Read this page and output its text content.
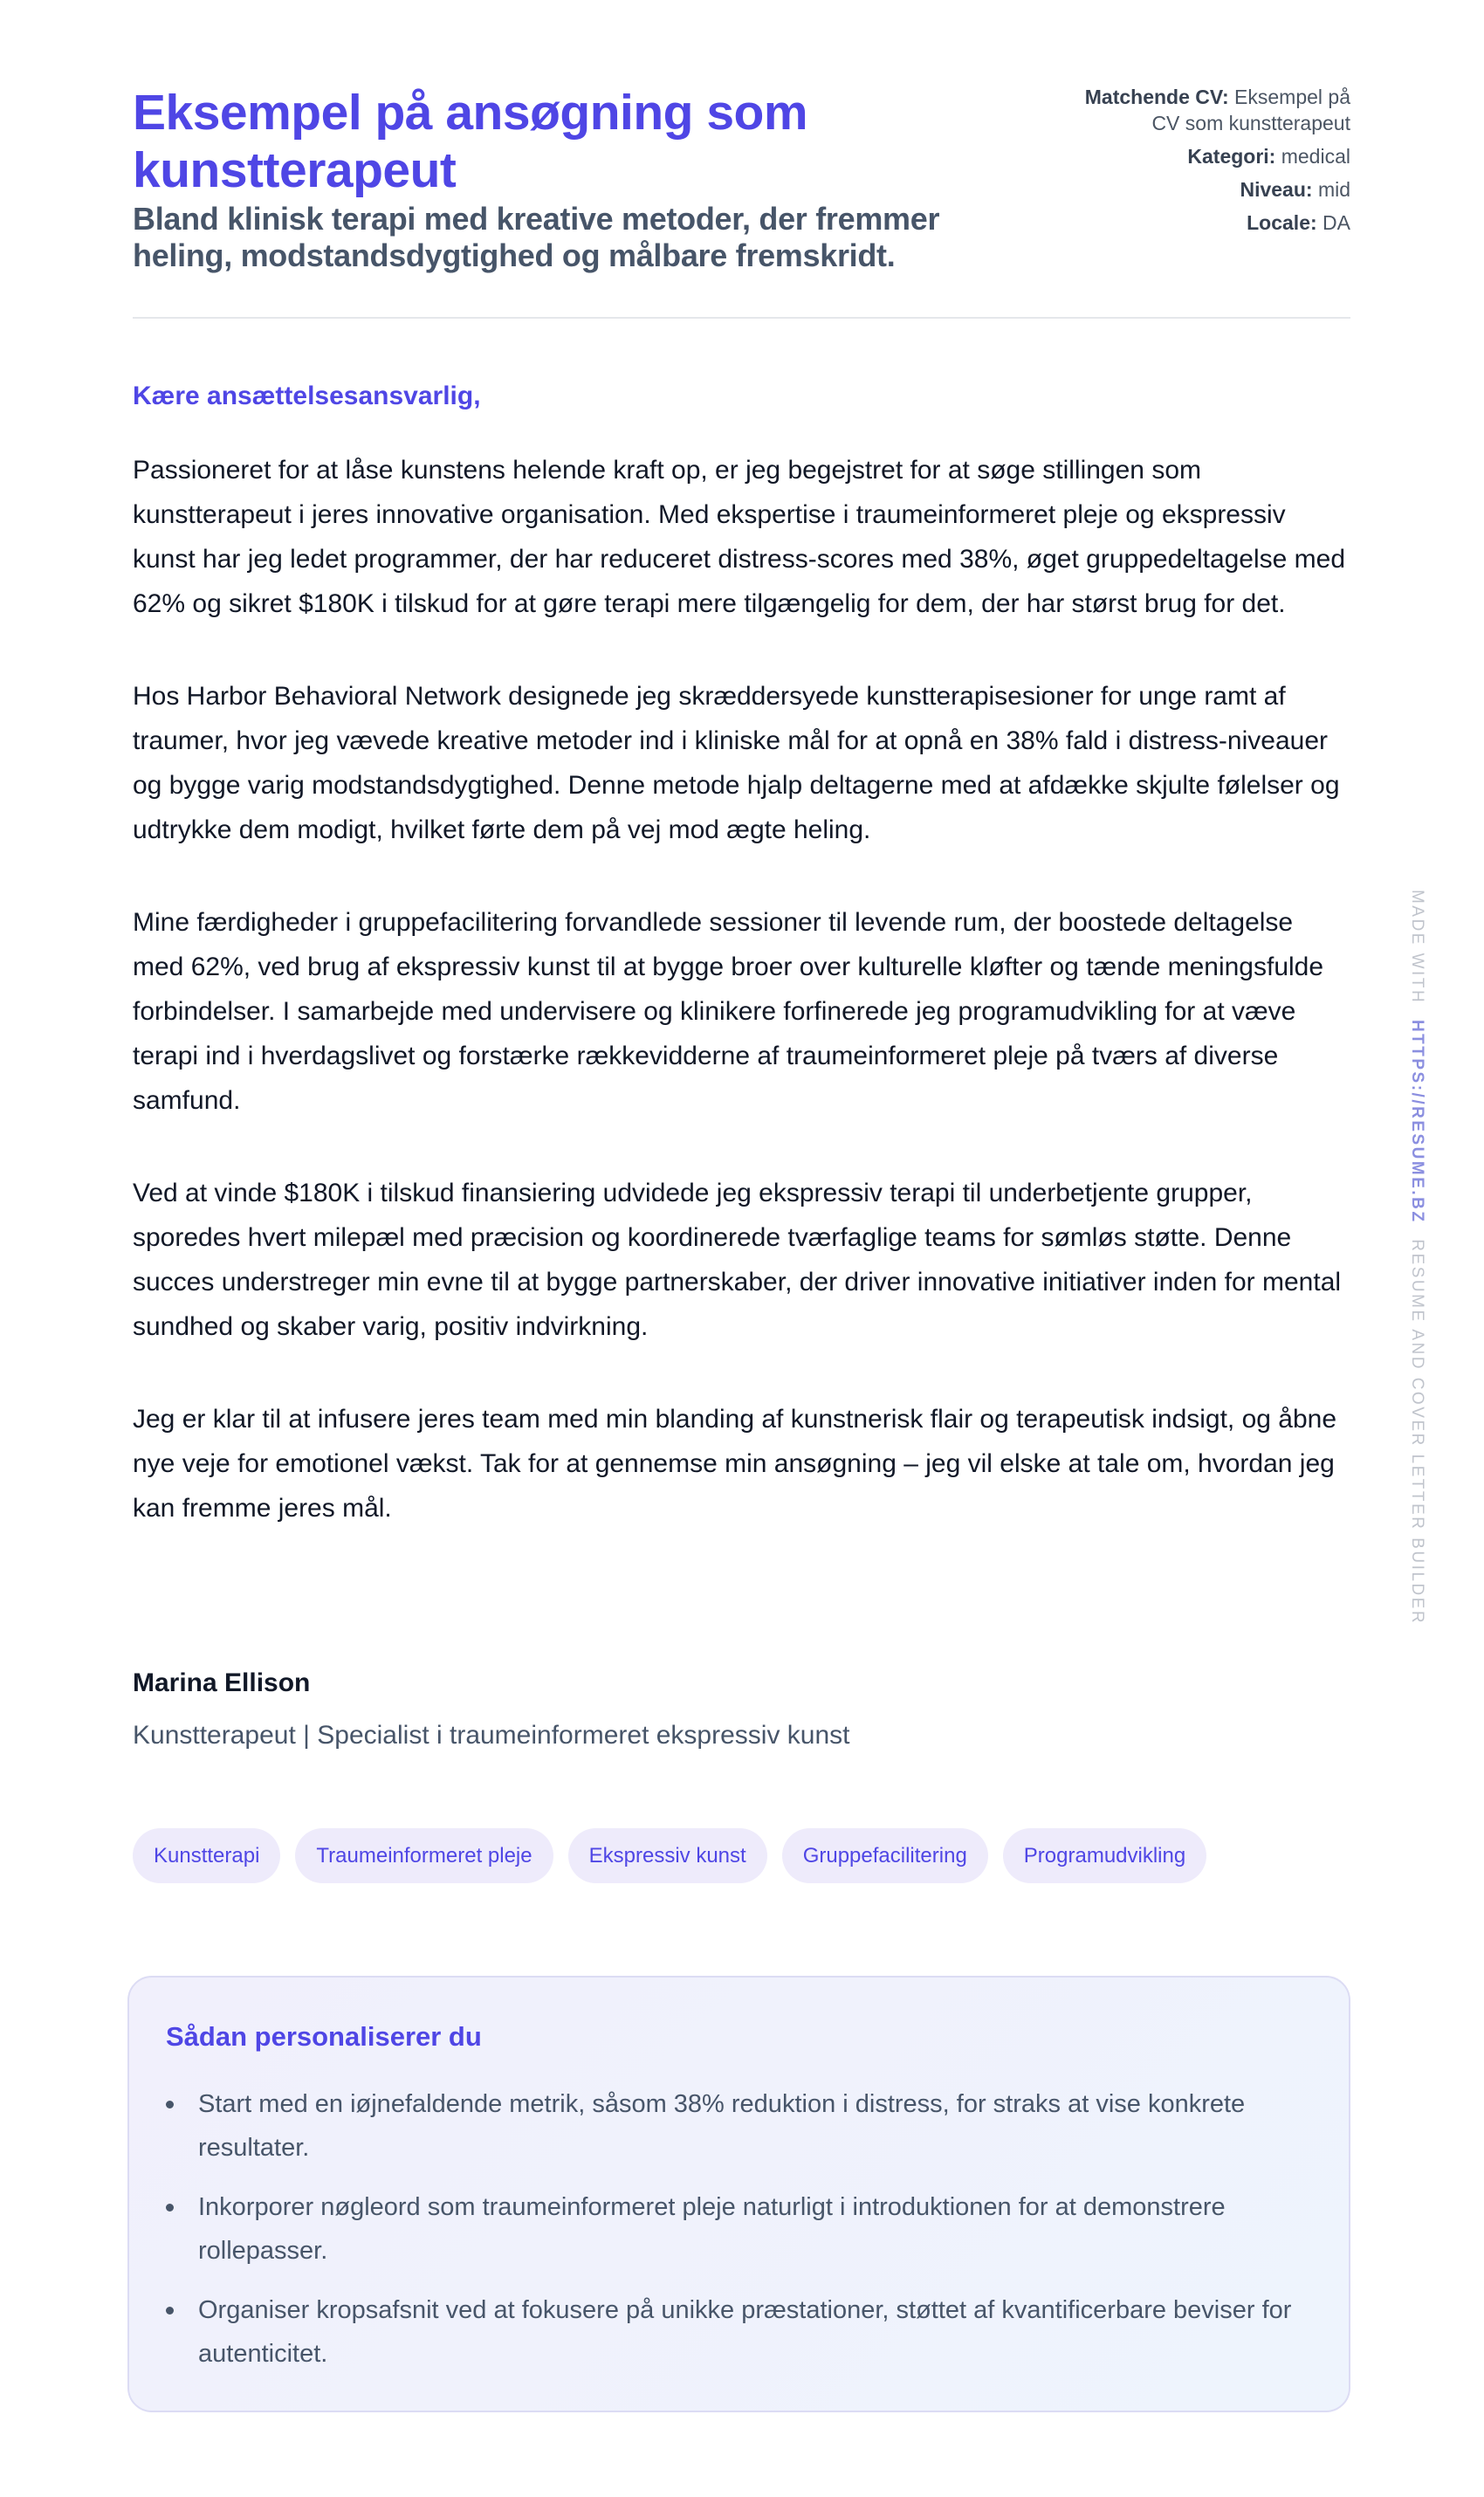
Eksempel på ansøgning som kunstterapeut
Bland klinisk terapi med kreative metoder, der fremmer heling, modstandsdygtighed og målbare fremskridt.
Matchende CV: Eksempel på CV som kunstterapeut
Kategori: medical
Niveau: mid
Locale: DA
Kære ansættelsesansvarlig,

Passioneret for at låse kunstens helende kraft op, er jeg begejstret for at søge stillingen som kunstterapeut i jeres innovative organisation. Med ekspertise i traumeinformeret pleje og ekspressiv kunst har jeg ledet programmer, der har reduceret distress-scores med 38%, øget gruppedeltagelse med 62% og sikret $180K i tilskud for at gøre terapi mere tilgængelig for dem, der har størst brug for det.

Hos Harbor Behavioral Network designede jeg skræddersyede kunstterapisesioner for unge ramt af traumer, hvor jeg vævede kreative metoder ind i kliniske mål for at opnå en 38% fald i distress-niveauer og bygge varig modstandsdygtighed. Denne metode hjalp deltagerne med at afdække skjulte følelser og udtrykke dem modigt, hvilket førte dem på vej mod ægte heling.

Mine færdigheder i gruppefacilitering forvandlede sessioner til levende rum, der boostede deltagelse med 62%, ved brug af ekspressiv kunst til at bygge broer over kulturelle kløfter og tænde meningsfulde forbindelser. I samarbejde med undervisere og klinikere forfinerede jeg programudvikling for at væve terapi ind i hverdagslivet og forstærke rækkevidderne af traumeinformeret pleje på tværs af diverse samfund.

Ved at vinde $180K i tilskud finansiering udvidede jeg ekspressiv terapi til underbetjente grupper, sporedes hvert milepæl med præcision og koordinerede tværfaglige teams for sømløs støtte. Denne succes understreger min evne til at bygge partnerskaber, der driver innovative initiativer inden for mental sundhed og skaber varig, positiv indvirkning.

Jeg er klar til at infusere jeres team med min blanding af kunstnerisk flair og terapeutisk indsigt, og åbne nye veje for emotionel vækst. Tak for at gennemse min ansøgning – jeg vil elske at tale om, hvordan jeg kan fremme jeres mål.

Marina Ellison
Kunstterapeut | Specialist i traumeinformeret ekspressiv kunst
Kunstterapi	Traumeinformeret pleje	Ekspressiv kunst	Gruppefacilitering	Programudvikling
Sådan personaliserer du
Start med en iøjnefaldende metrik, såsom 38% reduktion i distress, for straks at vise konkrete resultater.
Inkorporer nøgleord som traumeinformeret pleje naturligt i introduktionen for at demonstrere rollepasser.
Organiser kropsafsnit ved at fokusere på unikke præstationer, støttet af kvantificerbare beviser for autenticitet.
MADE WITH HTTPS://RESUME.BZ RESUME AND COVER LETTER BUILDER
